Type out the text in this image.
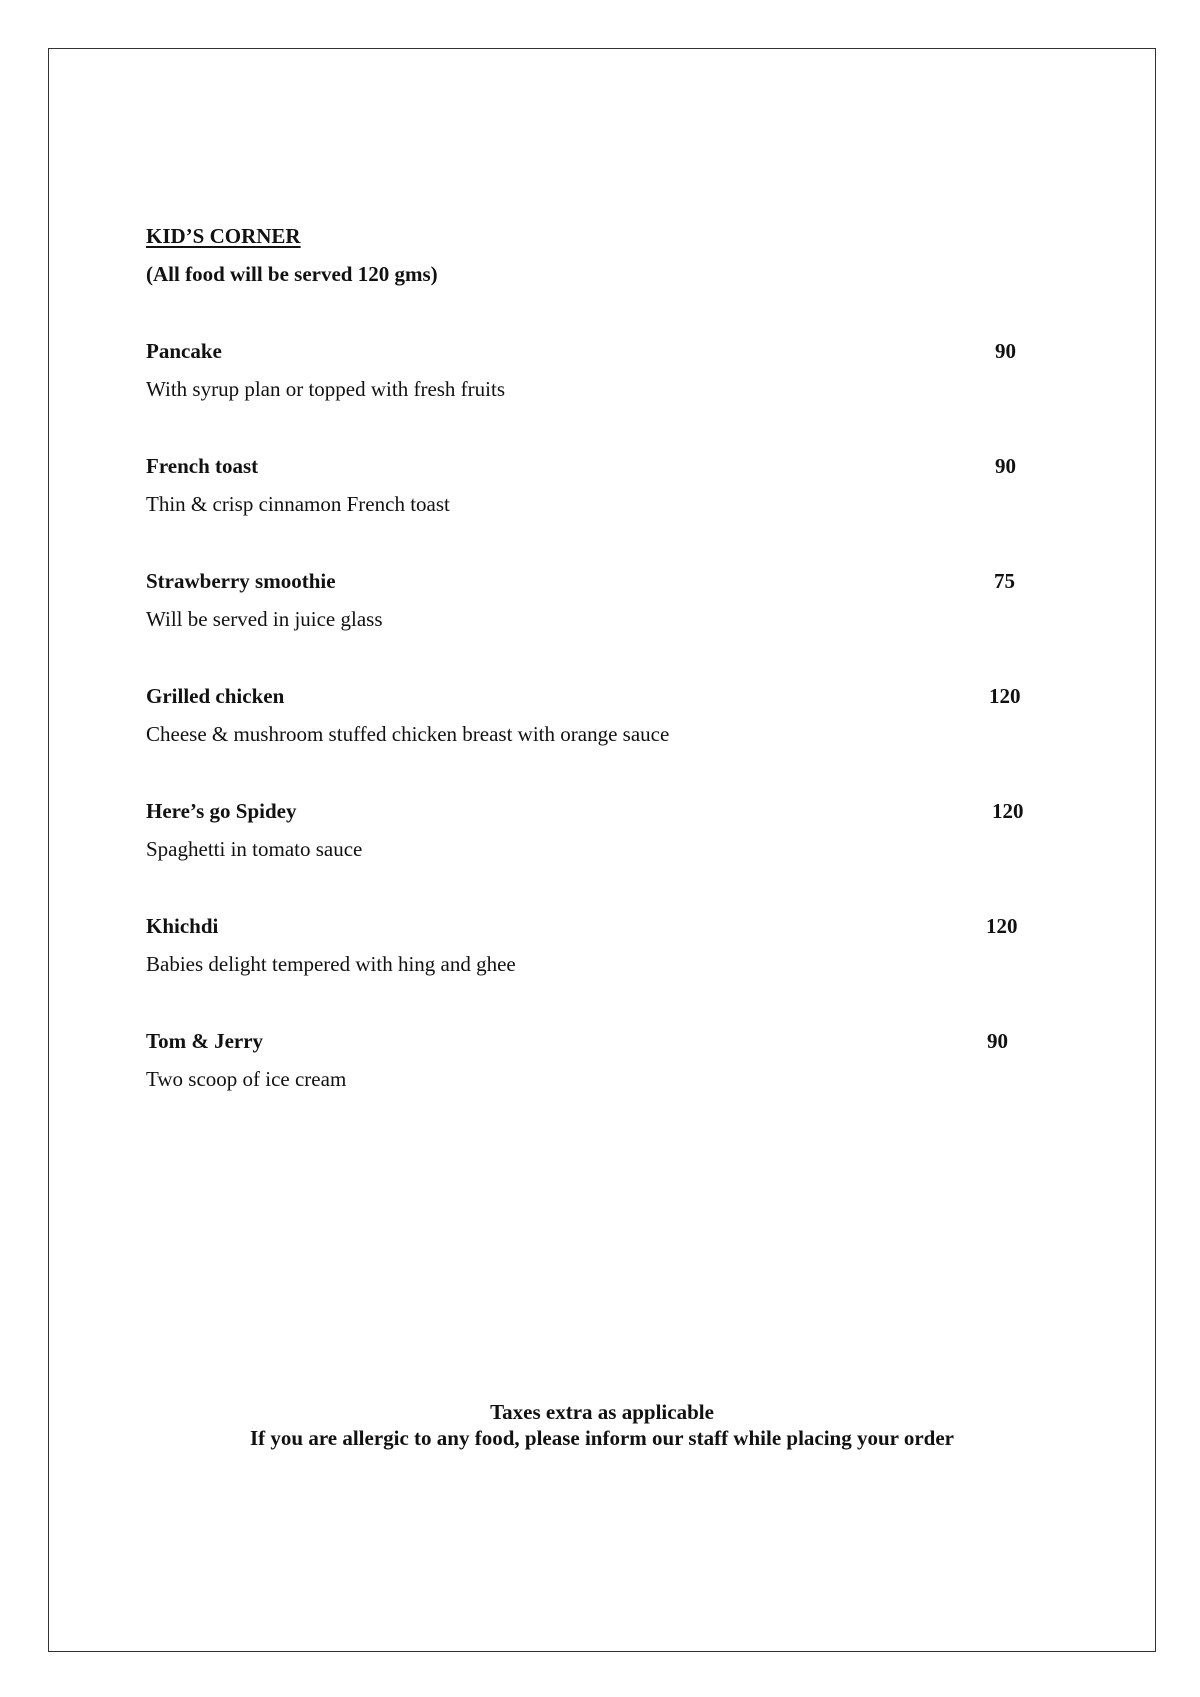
KID’S CORNER
(All food will be served 120 gms)
Pancake	90
With syrup plan or topped with fresh fruits
French toast	90
Thin & crisp cinnamon French toast
Strawberry smoothie	75
Will be served in juice glass
Grilled chicken	120
Cheese & mushroom stuffed chicken breast with orange sauce
Here’s go Spidey	120
Spaghetti in tomato sauce
Khichdi	120
Babies delight tempered with hing and ghee
Tom & Jerry	90
Two scoop of ice cream
Taxes extra as applicable
If you are allergic to any food, please inform our staff while placing your order
